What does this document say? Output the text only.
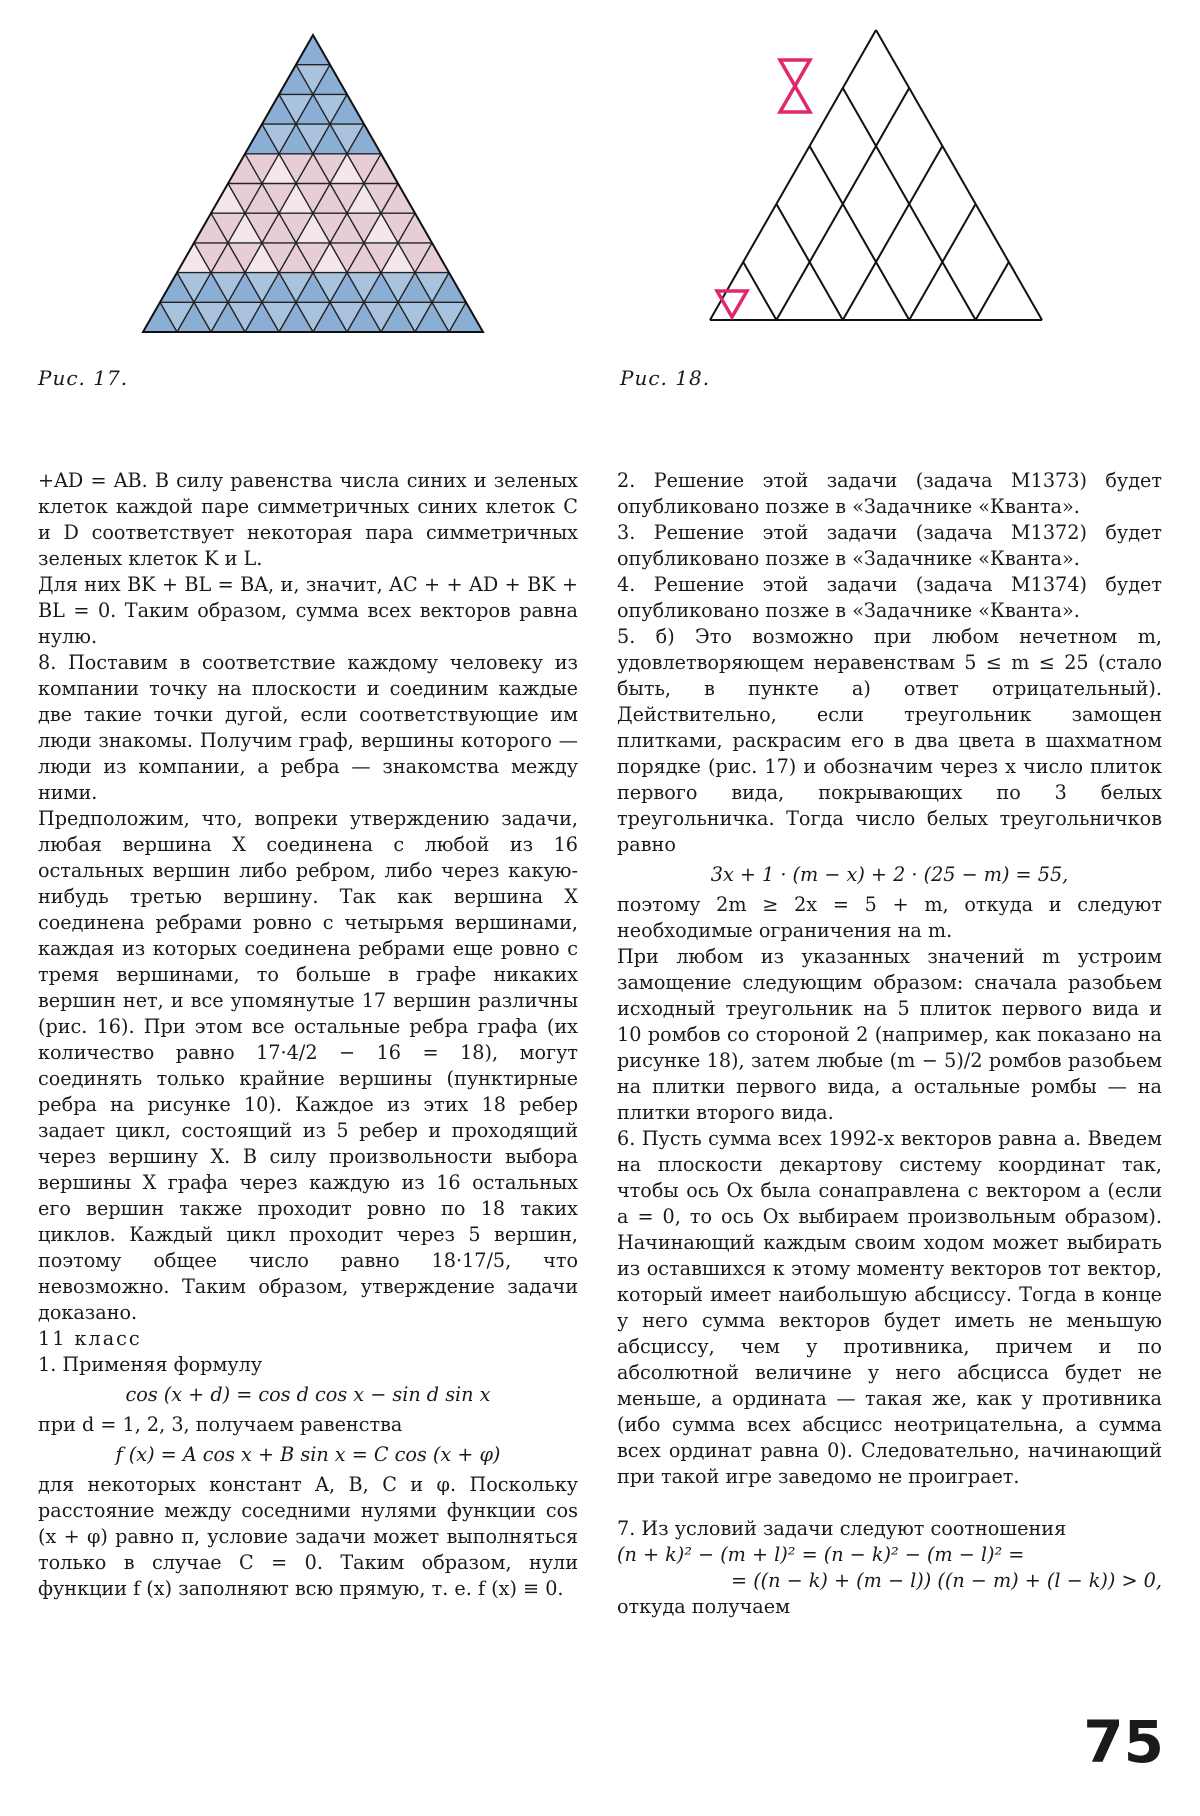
Рис. 17.	Рис. 18.

+AD = AB. В силу равенства числа синих и зеленых клеток каждой паре симметричных синих клеток C и D соответствует некоторая пара симметричных зеленых клеток K и L.

Для них BK + BL = BA, и, значит, AC + + AD + BK + BL = 0. Таким образом, сумма всех векторов равна нулю.

8. Поставим в соответствие каждому человеку из компании точку на плоскости и соединим каждые две такие точки дугой, если соответствующие им люди знакомы. Получим граф, вершины которого — люди из компании, а ребра — знакомства между ними.

Предположим, что, вопреки утверждению задачи, любая вершина X соединена с любой из 16 остальных вершин либо ребром, либо через какую-нибудь третью вершину. Так как вершина X соединена ребрами ровно с четырьмя вершинами, каждая из которых соединена ребрами еще ровно с тремя вершинами, то больше в графе никаких вершин нет, и все упомянутые 17 вершин различны (рис. 16). При этом все остальные ребра графа (их количество равно 17·4/2 − 16 = 18), могут соединять только крайние вершины (пунктирные ребра на рисунке 10). Каждое из этих 18 ребер задает цикл, состоящий из 5 ребер и проходящий через вершину X. В силу произвольности выбора вершины X графа через каждую из 16 остальных его вершин также проходит ровно по 18 таких циклов. Каждый цикл проходит через 5 вершин, поэтому общее число равно 18·17/5, что невозможно. Таким образом, утверждение задачи доказано.

11 класс

1. Применяя формулу

cos (x + d) = cos d cos x − sin d sin x

при d = 1, 2, 3, получаем равенства

f (x) = A cos x + B sin x = C cos (x + φ)

для некоторых констант A, B, C и φ. Поскольку расстояние между соседними нулями функции cos (x + φ) равно π, условие задачи может выполняться только в случае C = 0. Таким образом, нули функции f (x) заполняют всю прямую, т. е. f (x) ≡ 0.

2. Решение этой задачи (задача М1373) будет опубликовано позже в «Задачнике «Кванта».

3. Решение этой задачи (задача М1372) будет опубликовано позже в «Задачнике «Кванта».

4. Решение этой задачи (задача М1374) будет опубликовано позже в «Задачнике «Кванта».

5. б) Это возможно при любом нечетном m, удовлетворяющем неравенствам 5 ≤ m ≤ 25 (стало быть, в пункте а) ответ отрицательный). Действительно, если треугольник замощен плитками, раскрасим его в два цвета в шахматном порядке (рис. 17) и обозначим через x число плиток первого вида, покрывающих по 3 белых треугольничка. Тогда число белых треугольничков равно

3x + 1 · (m − x) + 2 · (25 − m) = 55,

поэтому 2m ≥ 2x = 5 + m, откуда и следуют необходимые ограничения на m.

При любом из указанных значений m устроим замощение следующим образом: сначала разобьем исходный треугольник на 5 плиток первого вида и 10 ромбов со стороной 2 (например, как показано на рисунке 18), затем любые (m − 5)/2 ромбов разобьем на плитки первого вида, а остальные ромбы — на плитки второго вида.

6. Пусть сумма всех 1992-х векторов равна a. Введем на плоскости декартову систему координат так, чтобы ось Ox была сонаправлена с вектором a (если a = 0, то ось Ox выбираем произвольным образом). Начинающий каждым своим ходом может выбирать из оставшихся к этому моменту векторов тот вектор, который имеет наибольшую абсциссу. Тогда в конце у него сумма векторов будет иметь не меньшую абсциссу, чем у противника, причем и по абсолютной величине у него абсцисса будет не меньше, а ордината — такая же, как у противника (ибо сумма всех абсцисс неотрицательна, а сумма всех ординат равна 0). Следовательно, начинающий при такой игре заведомо не проиграет.

7. Из условий задачи следуют соотношения

(n + k)² − (m + l)² = (n − k)² − (m − l)² =

= ((n − k) + (m − l)) ((n − m) + (l − k)) > 0,

откуда получаем

75
